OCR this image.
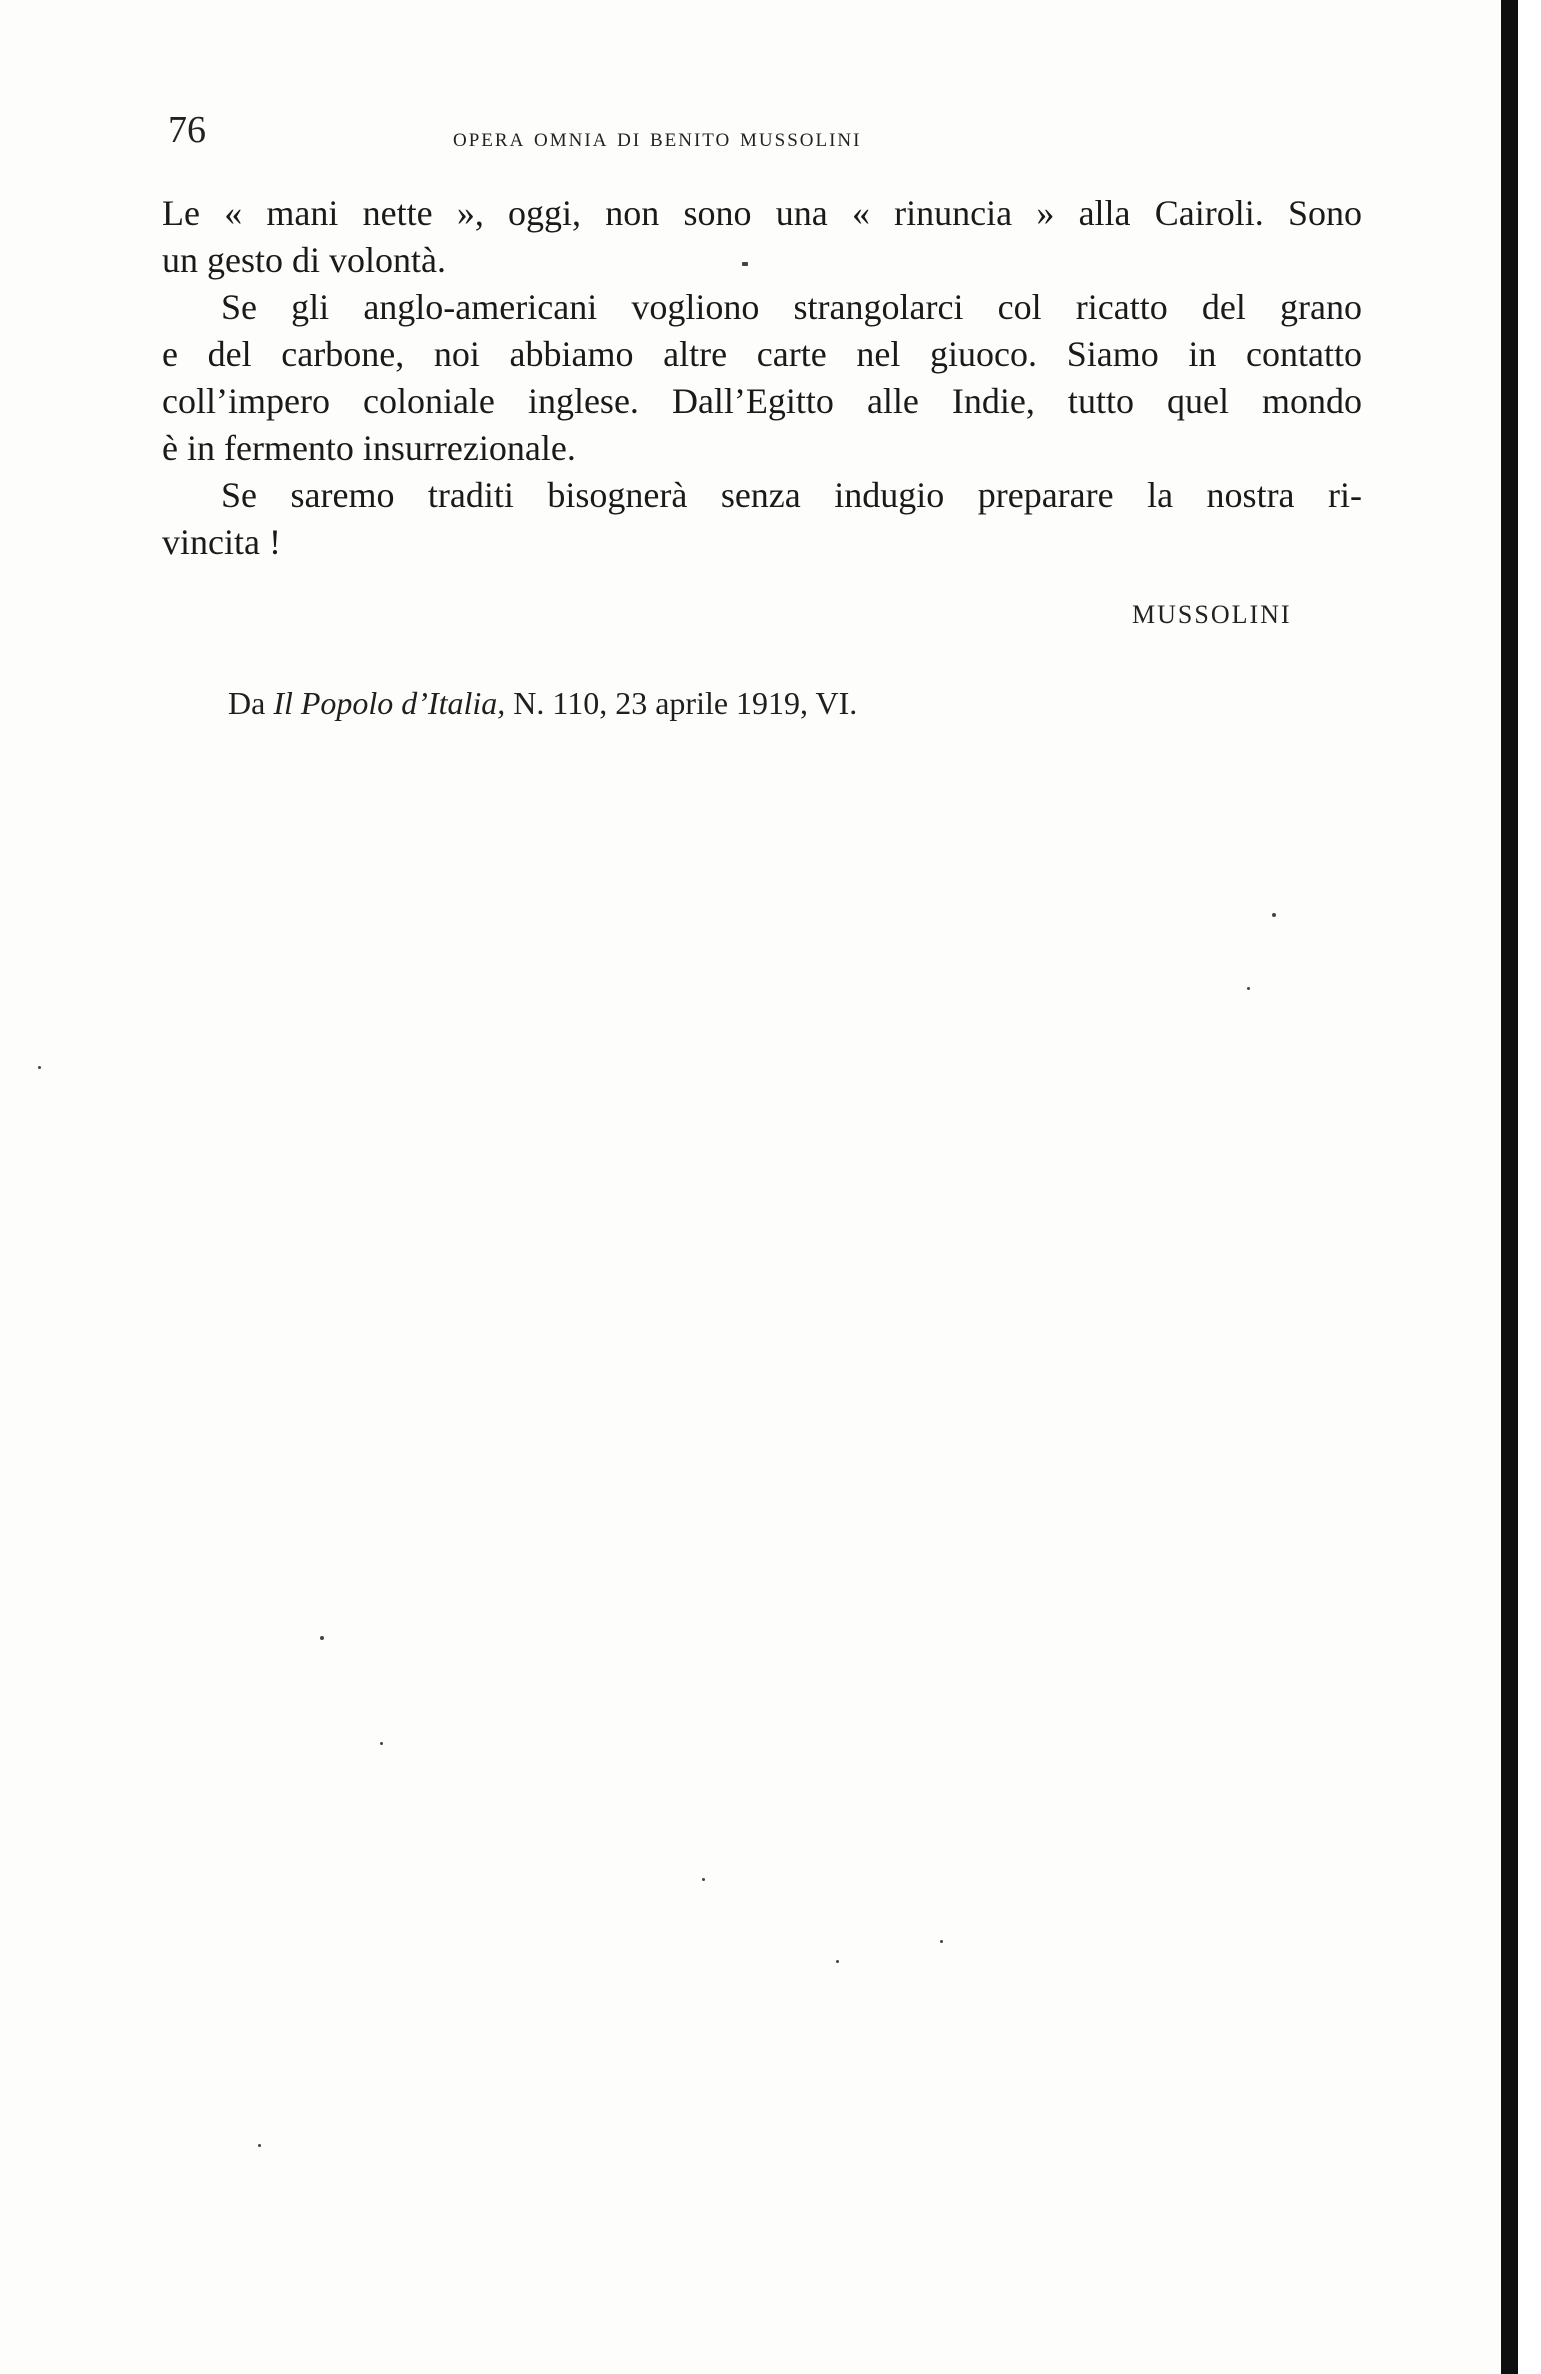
76	opera omnia di benito mussolini
Le « mani nette », oggi, non sono una « rinuncia » alla Cairoli. Sono
un gesto di volontà.
Se gli anglo-americani vogliono strangolarci col ricatto del grano
e del carbone, noi abbiamo altre carte nel giuoco. Siamo in contatto
coll’impero coloniale inglese. Dall’Egitto alle Indie, tutto quel mondo
è in fermento insurrezionale.
Se saremo traditi bisognerà senza indugio preparare la nostra ri-
vincita !
MUSSOLINI
Da Il Popolo d’Italia, N. 110, 23 aprile 1919, VI.
